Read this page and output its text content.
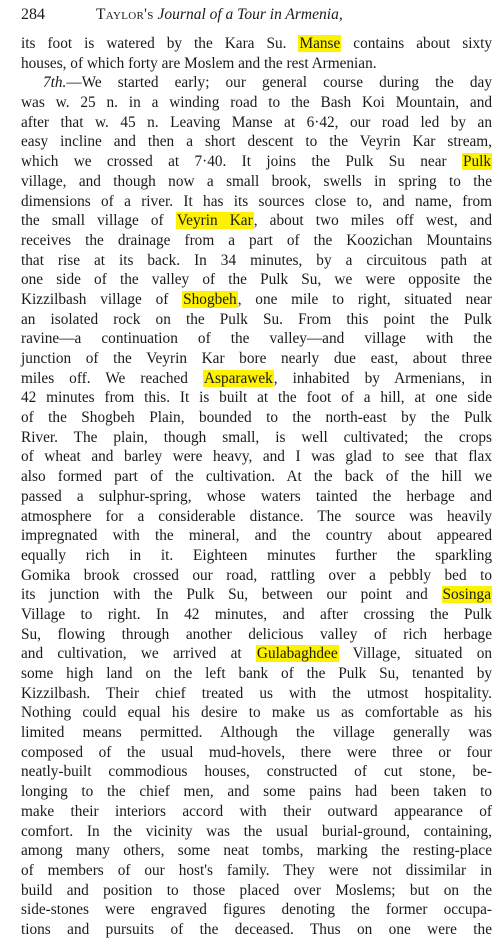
284	Taylor's Journal of a Tour in Armenia,
its foot is watered by the Kara Su. Manse contains about sixty
houses, of which forty are Moslem and the rest Armenian.
7th.—We started early; our general course during the day
was w. 25 n. in a winding road to the Bash Koi Mountain, and
after that w. 45 n. Leaving Manse at 6·42, our road led by an
easy incline and then a short descent to the Veyrin Kar stream,
which we crossed at 7·40. It joins the Pulk Su near Pulk
village, and though now a small brook, swells in spring to the
dimensions of a river. It has its sources close to, and name, from
the small village of Veyrin Kar, about two miles off west, and
receives the drainage from a part of the Koozichan Mountains
that rise at its back. In 34 minutes, by a circuitous path at
one side of the valley of the Pulk Su, we were opposite the
Kizzilbash village of Shogbeh, one mile to right, situated near
an isolated rock on the Pulk Su. From this point the Pulk
ravine—a continuation of the valley—and village with the
junction of the Veyrin Kar bore nearly due east, about three
miles off. We reached Asparawek, inhabited by Armenians, in
42 minutes from this. It is built at the foot of a hill, at one side
of the Shogbeh Plain, bounded to the north-east by the Pulk
River. The plain, though small, is well cultivated; the crops
of wheat and barley were heavy, and I was glad to see that flax
also formed part of the cultivation. At the back of the hill we
passed a sulphur-spring, whose waters tainted the herbage and
atmosphere for a considerable distance. The source was heavily
impregnated with the mineral, and the country about appeared
equally rich in it. Eighteen minutes further the sparkling
Gomika brook crossed our road, rattling over a pebbly bed to
its junction with the Pulk Su, between our point and Sosinga
Village to right. In 42 minutes, and after crossing the Pulk
Su, flowing through another delicious valley of rich herbage
and cultivation, we arrived at Gulabaghdee Village, situated on
some high land on the left bank of the Pulk Su, tenanted by
Kizzilbash. Their chief treated us with the utmost hospitality.
Nothing could equal his desire to make us as comfortable as his
limited means permitted. Although the village generally was
composed of the usual mud-hovels, there were three or four
neatly-built commodious houses, constructed of cut stone, be-
longing to the chief men, and some pains had been taken to
make their interiors accord with their outward appearance of
comfort. In the vicinity was the usual burial-ground, containing,
among many others, some neat tombs, marking the resting-place
of members of our host's family. They were not dissimilar in
build and position to those placed over Moslems; but on the
side-stones were engraved figures denoting the former occupa-
tions and pursuits of the deceased. Thus on one were the
